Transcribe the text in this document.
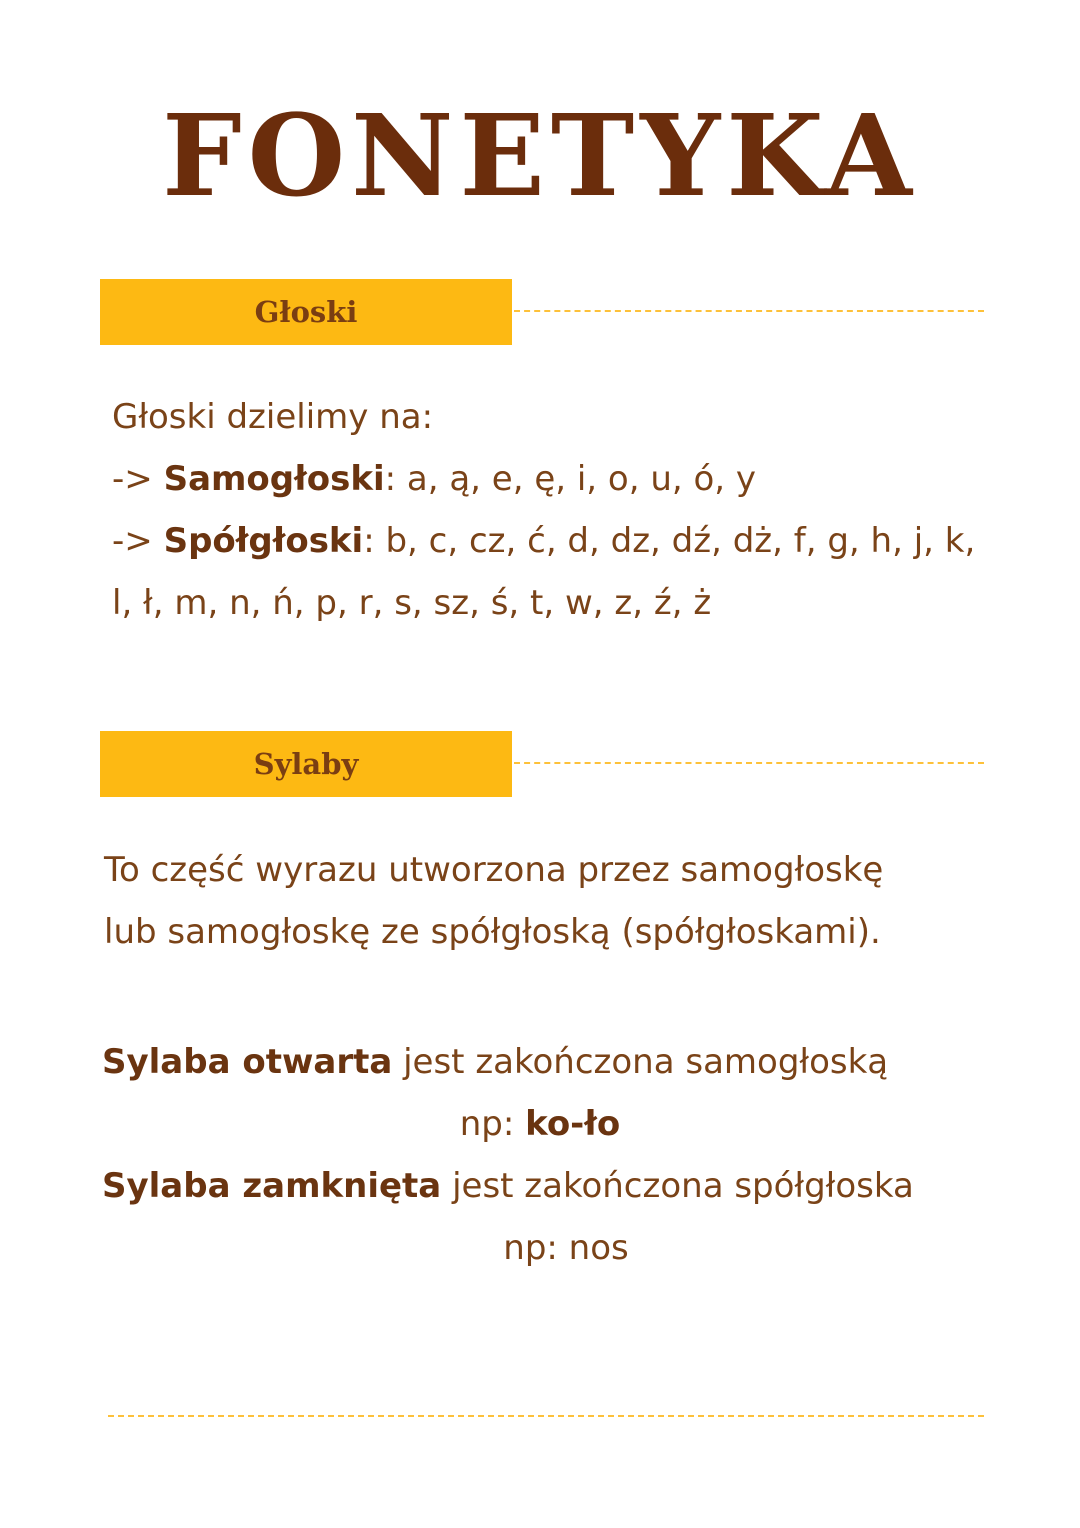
FONETYKA
Głoski
Głoski dzielimy na:
-> Samogłoski: a, ą, e, ę, i, o, u, ó, y
-> Spółgłoski: b, c, cz, ć, d, dz, dź, dż, f, g, h, j, k,
l, ł, m, n, ń, p, r, s, sz, ś, t, w, z, ź, ż
Sylaby
To część wyrazu utworzona przez samogłoskę
lub samogłoskę ze spółgłoską (spółgłoskami).
Sylaba otwarta jest zakończona samogłoską
np: ko-ło
Sylaba zamknięta jest zakończona spółgłoska
np: nos
